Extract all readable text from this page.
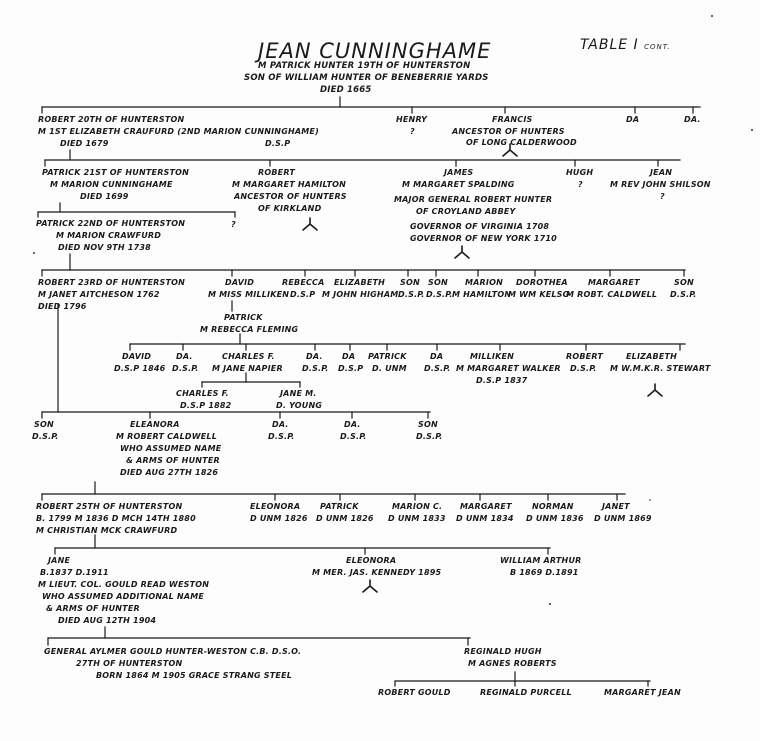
JEAN CUNNINGHAME	TABLE I CONT.
M PATRICK HUNTER 19TH OF HUNTERSTON
SON OF WILLIAM HUNTER OF BENEBERRIE YARDS
DIED 1665
ROBERT 20TH OF HUNTERSTON
M 1ST ELIZABETH CRAUFURD (2ND MARION CUNNINGHAME)
DIED 1679	D.S.P
HENRY
?
FRANCIS
ANCESTOR OF HUNTERS
OF LONG CALDERWOOD
DA	DA.
PATRICK 21ST OF HUNTERSTON
M MARION CUNNINGHAME
DIED 1699
ROBERT
M MARGARET HAMILTON
ANCESTOR OF HUNTERS
OF KIRKLAND
JAMES
M MARGARET SPALDING
MAJOR GENERAL ROBERT HUNTER
OF CROYLAND ABBEY
GOVERNOR OF VIRGINIA 1708
GOVERNOR OF NEW YORK 1710
HUGH
?
JEAN
M REV JOHN SHILSON
?
PATRICK 22ND OF HUNTERSTON
M MARION CRAWFURD
DIED NOV 9TH 1738
?
ROBERT 23RD OF HUNTERSTON
M JANET AITCHESON 1762
DIED 1796
DAVID
M MISS MILLIKEN
REBECCA
D.S.P
ELIZABETH
M JOHN HIGHAM
SON
D.S.P.
SON
D.S.P.
MARION
M HAMILTON
DOROTHEA
M WM KELSO
MARGARET
M ROBT. CALDWELL
SON
D.S.P.
PATRICK
M REBECCA FLEMING
DAVID
D.S.P 1846
DA.
D.S.P.
CHARLES F.
M JANE NAPIER
DA.
D.S.P.
DA
D.S.P
PATRICK
D. UNM
DA
D.S.P.
MILLIKEN
M MARGARET WALKER
D.S.P 1837
ROBERT
D.S.P.
ELIZABETH
M W.M.K.R. STEWART
CHARLES F.
D.S.P 1882
JANE M.
D. YOUNG
SON
D.S.P.
ELEANORA
M ROBERT CALDWELL
WHO ASSUMED NAME
& ARMS OF HUNTER
DIED AUG 27TH 1826
DA.
D.S.P.
DA.
D.S.P.
SON
D.S.P.
ROBERT 25TH OF HUNTERSTON
B. 1799 M 1836 D MCH 14TH 1880
M CHRISTIAN MCK CRAWFURD
ELEONORA
D UNM 1826
PATRICK
D UNM 1826
MARION C.
D UNM 1833
MARGARET
D UNM 1834
NORMAN
D UNM 1836
JANET
D UNM 1869
JANE
B.1837 D.1911
M LIEUT. COL. GOULD READ WESTON
WHO ASSUMED ADDITIONAL NAME
& ARMS OF HUNTER
DIED AUG 12TH 1904
ELEONORA
M MER. JAS. KENNEDY 1895
WILLIAM ARTHUR
B 1869 D.1891
GENERAL AYLMER GOULD HUNTER-WESTON C.B. D.S.O.
27TH OF HUNTERSTON
BORN 1864 M 1905 GRACE STRANG STEEL
REGINALD HUGH
M AGNES ROBERTS
ROBERT GOULD	REGINALD PURCELL	MARGARET JEAN
